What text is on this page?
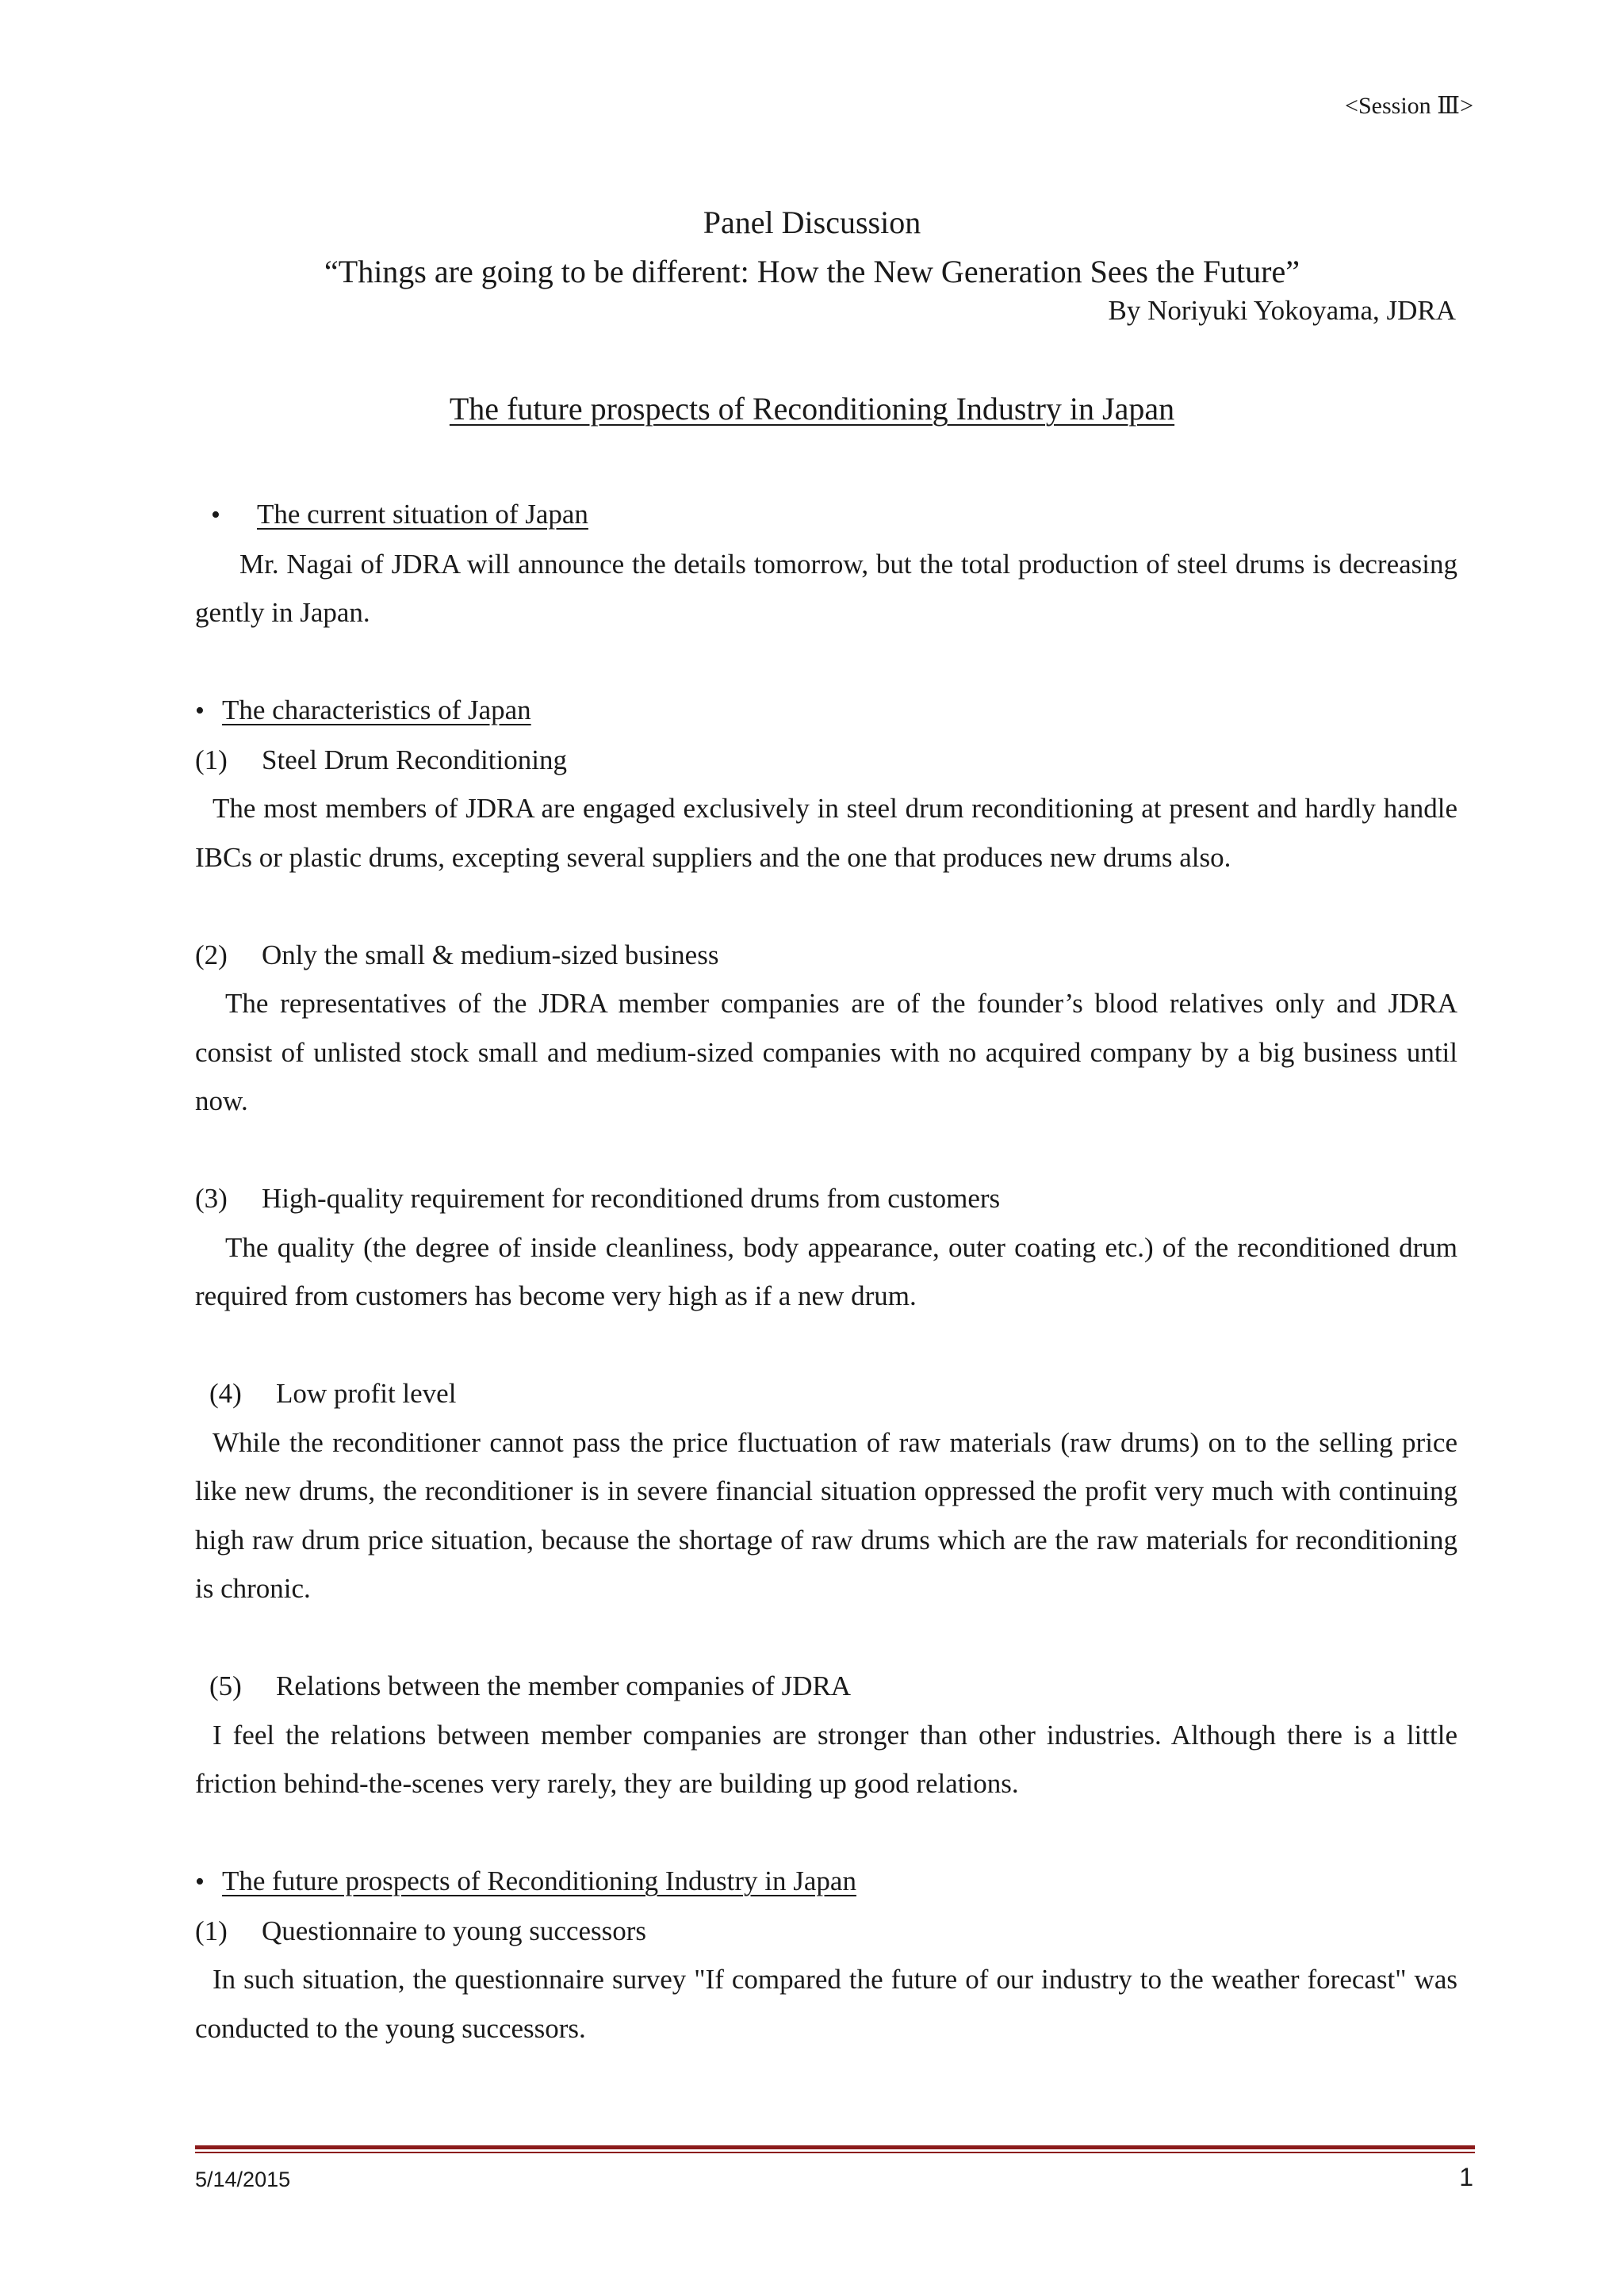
<Session Ⅲ>
Panel Discussion
“Things are going to be different: How the New Generation Sees the Future”
By Noriyuki Yokoyama, JDRA
The future prospects of Reconditioning Industry in Japan
•	The current situation of Japan
Mr. Nagai of JDRA will announce the details tomorrow, but the total production of steel drums is decreasing gently in Japan.
• The characteristics of Japan
(1) Steel Drum Reconditioning
The most members of JDRA are engaged exclusively in steel drum reconditioning at present and hardly handle IBCs or plastic drums, excepting several suppliers and the one that produces new drums also.
(2) Only the small & medium-sized business
The representatives of the JDRA member companies are of the founder’s blood relatives only and JDRA consist of unlisted stock small and medium-sized companies with no acquired company by a big business until now.
(3) High-quality requirement for reconditioned drums from customers
The quality (the degree of inside cleanliness, body appearance, outer coating etc.) of the reconditioned drum required from customers has become very high as if a new drum.
(4) Low profit level
While the reconditioner cannot pass the price fluctuation of raw materials (raw drums) on to the selling price like new drums, the reconditioner is in severe financial situation oppressed the profit very much with continuing high raw drum price situation, because the shortage of raw drums which are the raw materials for reconditioning is chronic.
(5) Relations between the member companies of JDRA
I feel the relations between member companies are stronger than other industries. Although there is a little friction behind-the-scenes very rarely, they are building up good relations.
• The future prospects of Reconditioning Industry in Japan
(1) Questionnaire to young successors
In such situation, the questionnaire survey "If compared the future of our industry to the weather forecast" was conducted to the young successors.
5/14/2015	1
